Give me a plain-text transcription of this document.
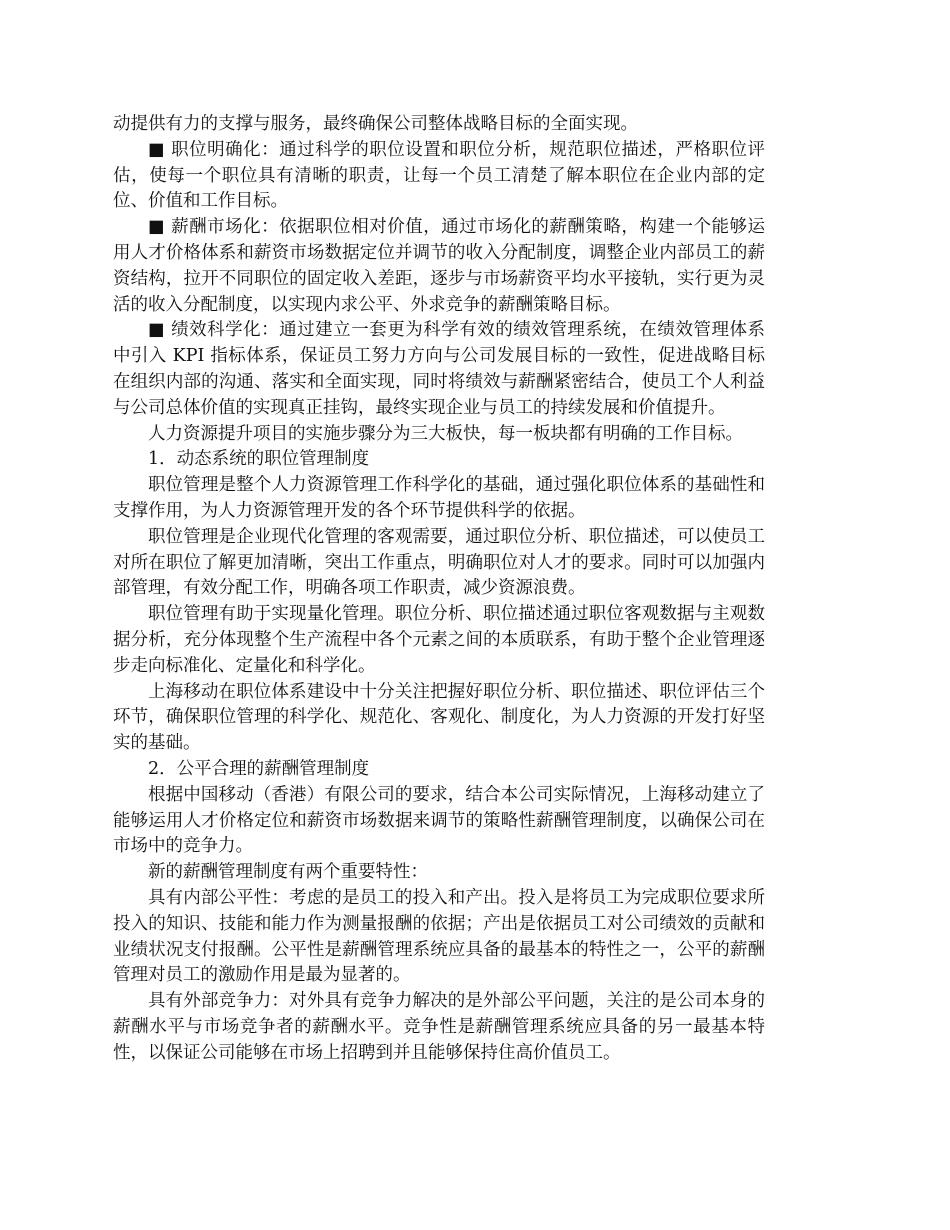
动提供有力的支撑与服务，最终确保公司整体战略目标的全面实现。

■ 职位明确化：通过科学的职位设置和职位分析，规范职位描述，严格职位评估，使每一个职位具有清晰的职责，让每一个员工清楚了解本职位在企业内部的定位、价值和工作目标。

■ 薪酬市场化：依据职位相对价值，通过市场化的薪酬策略，构建一个能够运用人才价格体系和薪资市场数据定位并调节的收入分配制度，调整企业内部员工的薪资结构，拉开不同职位的固定收入差距，逐步与市场薪资平均水平接轨，实行更为灵活的收入分配制度，以实现内求公平、外求竞争的薪酬策略目标。

■ 绩效科学化：通过建立一套更为科学有效的绩效管理系统，在绩效管理体系中引入 KPI 指标体系，保证员工努力方向与公司发展目标的一致性，促进战略目标在组织内部的沟通、落实和全面实现，同时将绩效与薪酬紧密结合，使员工个人利益与公司总体价值的实现真正挂钩，最终实现企业与员工的持续发展和价值提升。

人力资源提升项目的实施步骤分为三大板快，每一板块都有明确的工作目标。

1．动态系统的职位管理制度

职位管理是整个人力资源管理工作科学化的基础，通过强化职位体系的基础性和支撑作用，为人力资源管理开发的各个环节提供科学的依据。

职位管理是企业现代化管理的客观需要，通过职位分析、职位描述，可以使员工对所在职位了解更加清晰，突出工作重点，明确职位对人才的要求。同时可以加强内部管理，有效分配工作，明确各项工作职责，减少资源浪费。

职位管理有助于实现量化管理。职位分析、职位描述通过职位客观数据与主观数据分析，充分体现整个生产流程中各个元素之间的本质联系，有助于整个企业管理逐步走向标准化、定量化和科学化。

上海移动在职位体系建设中十分关注把握好职位分析、职位描述、职位评估三个环节，确保职位管理的科学化、规范化、客观化、制度化，为人力资源的开发打好坚实的基础。

2．公平合理的薪酬管理制度

根据中国移动（香港）有限公司的要求，结合本公司实际情况，上海移动建立了能够运用人才价格定位和薪资市场数据来调节的策略性薪酬管理制度，以确保公司在市场中的竞争力。

新的薪酬管理制度有两个重要特性：

具有内部公平性：考虑的是员工的投入和产出。投入是将员工为完成职位要求所投入的知识、技能和能力作为测量报酬的依据；产出是依据员工对公司绩效的贡献和业绩状况支付报酬。公平性是薪酬管理系统应具备的最基本的特性之一，公平的薪酬管理对员工的激励作用是最为显著的。

具有外部竞争力：对外具有竞争力解决的是外部公平问题，关注的是公司本身的薪酬水平与市场竞争者的薪酬水平。竞争性是薪酬管理系统应具备的另一最基本特性，以保证公司能够在市场上招聘到并且能够保持住高价值员工。
